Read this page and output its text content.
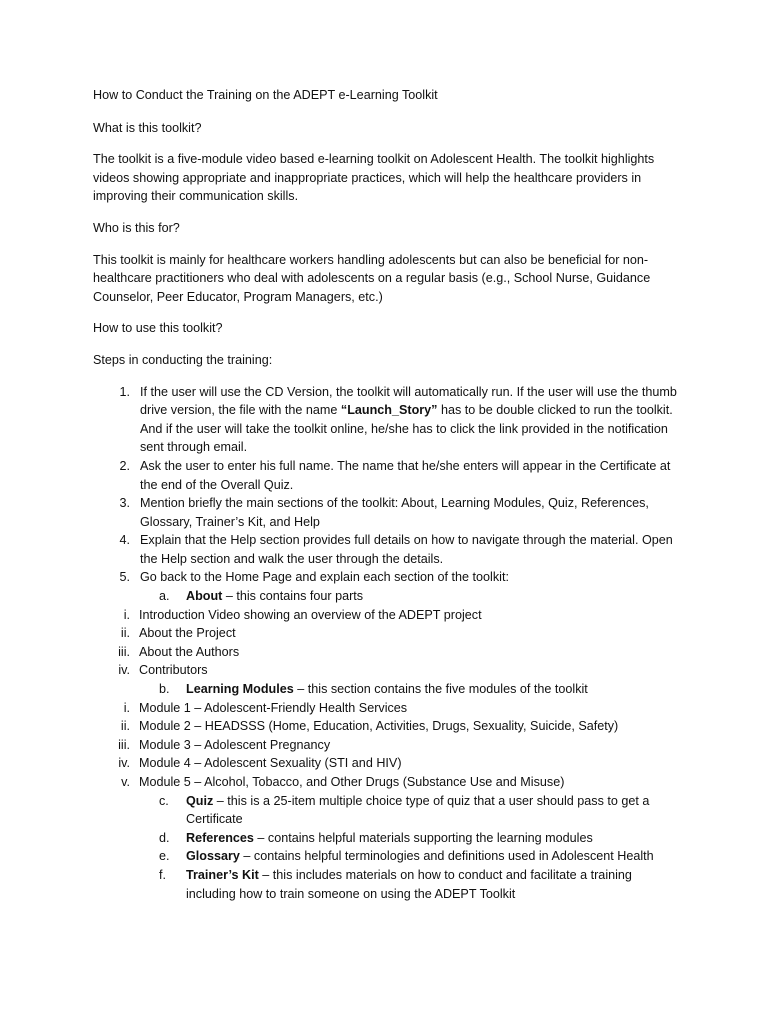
How to Conduct the Training on the ADEPT e-Learning Toolkit

What is this toolkit?

The toolkit is a five-module video based e-learning toolkit on Adolescent Health. The toolkit highlights videos showing appropriate and inappropriate practices, which will help the healthcare providers in improving their communication skills.

Who is this for?

This toolkit is mainly for healthcare workers handling adolescents but can also be beneficial for non-healthcare practitioners who deal with adolescents on a regular basis (e.g., School Nurse, Guidance Counselor, Peer Educator, Program Managers, etc.)

How to use this toolkit?

Steps in conducting the training:

1. If the user will use the CD Version, the toolkit will automatically run. If the user will use the thumb drive version, the file with the name “Launch_Story” has to be double clicked to run the toolkit. And if the user will take the toolkit online, he/she has to click the link provided in the notification sent through email.
2. Ask the user to enter his full name. The name that he/she enters will appear in the Certificate at the end of the Overall Quiz.
3. Mention briefly the main sections of the toolkit: About, Learning Modules, Quiz, References, Glossary, Trainer’s Kit, and Help
4. Explain that the Help section provides full details on how to navigate through the material. Open the Help section and walk the user through the details.
5. Go back to the Home Page and explain each section of the toolkit:
a. About – this contains four parts
i. Introduction Video showing an overview of the ADEPT project
ii. About the Project
iii. About the Authors
iv. Contributors
b. Learning Modules – this section contains the five modules of the toolkit
i. Module 1 – Adolescent-Friendly Health Services
ii. Module 2 – HEADSSS (Home, Education, Activities, Drugs, Sexuality, Suicide, Safety)
iii. Module 3 – Adolescent Pregnancy
iv. Module 4 – Adolescent Sexuality (STI and HIV)
v. Module 5 – Alcohol, Tobacco, and Other Drugs (Substance Use and Misuse)
c. Quiz – this is a 25-item multiple choice type of quiz that a user should pass to get a Certificate
d. References – contains helpful materials supporting the learning modules
e. Glossary – contains helpful terminologies and definitions used in Adolescent Health
f.	Trainer’s Kit – this includes materials on how to conduct and facilitate a training including how to train someone on using the ADEPT Toolkit
